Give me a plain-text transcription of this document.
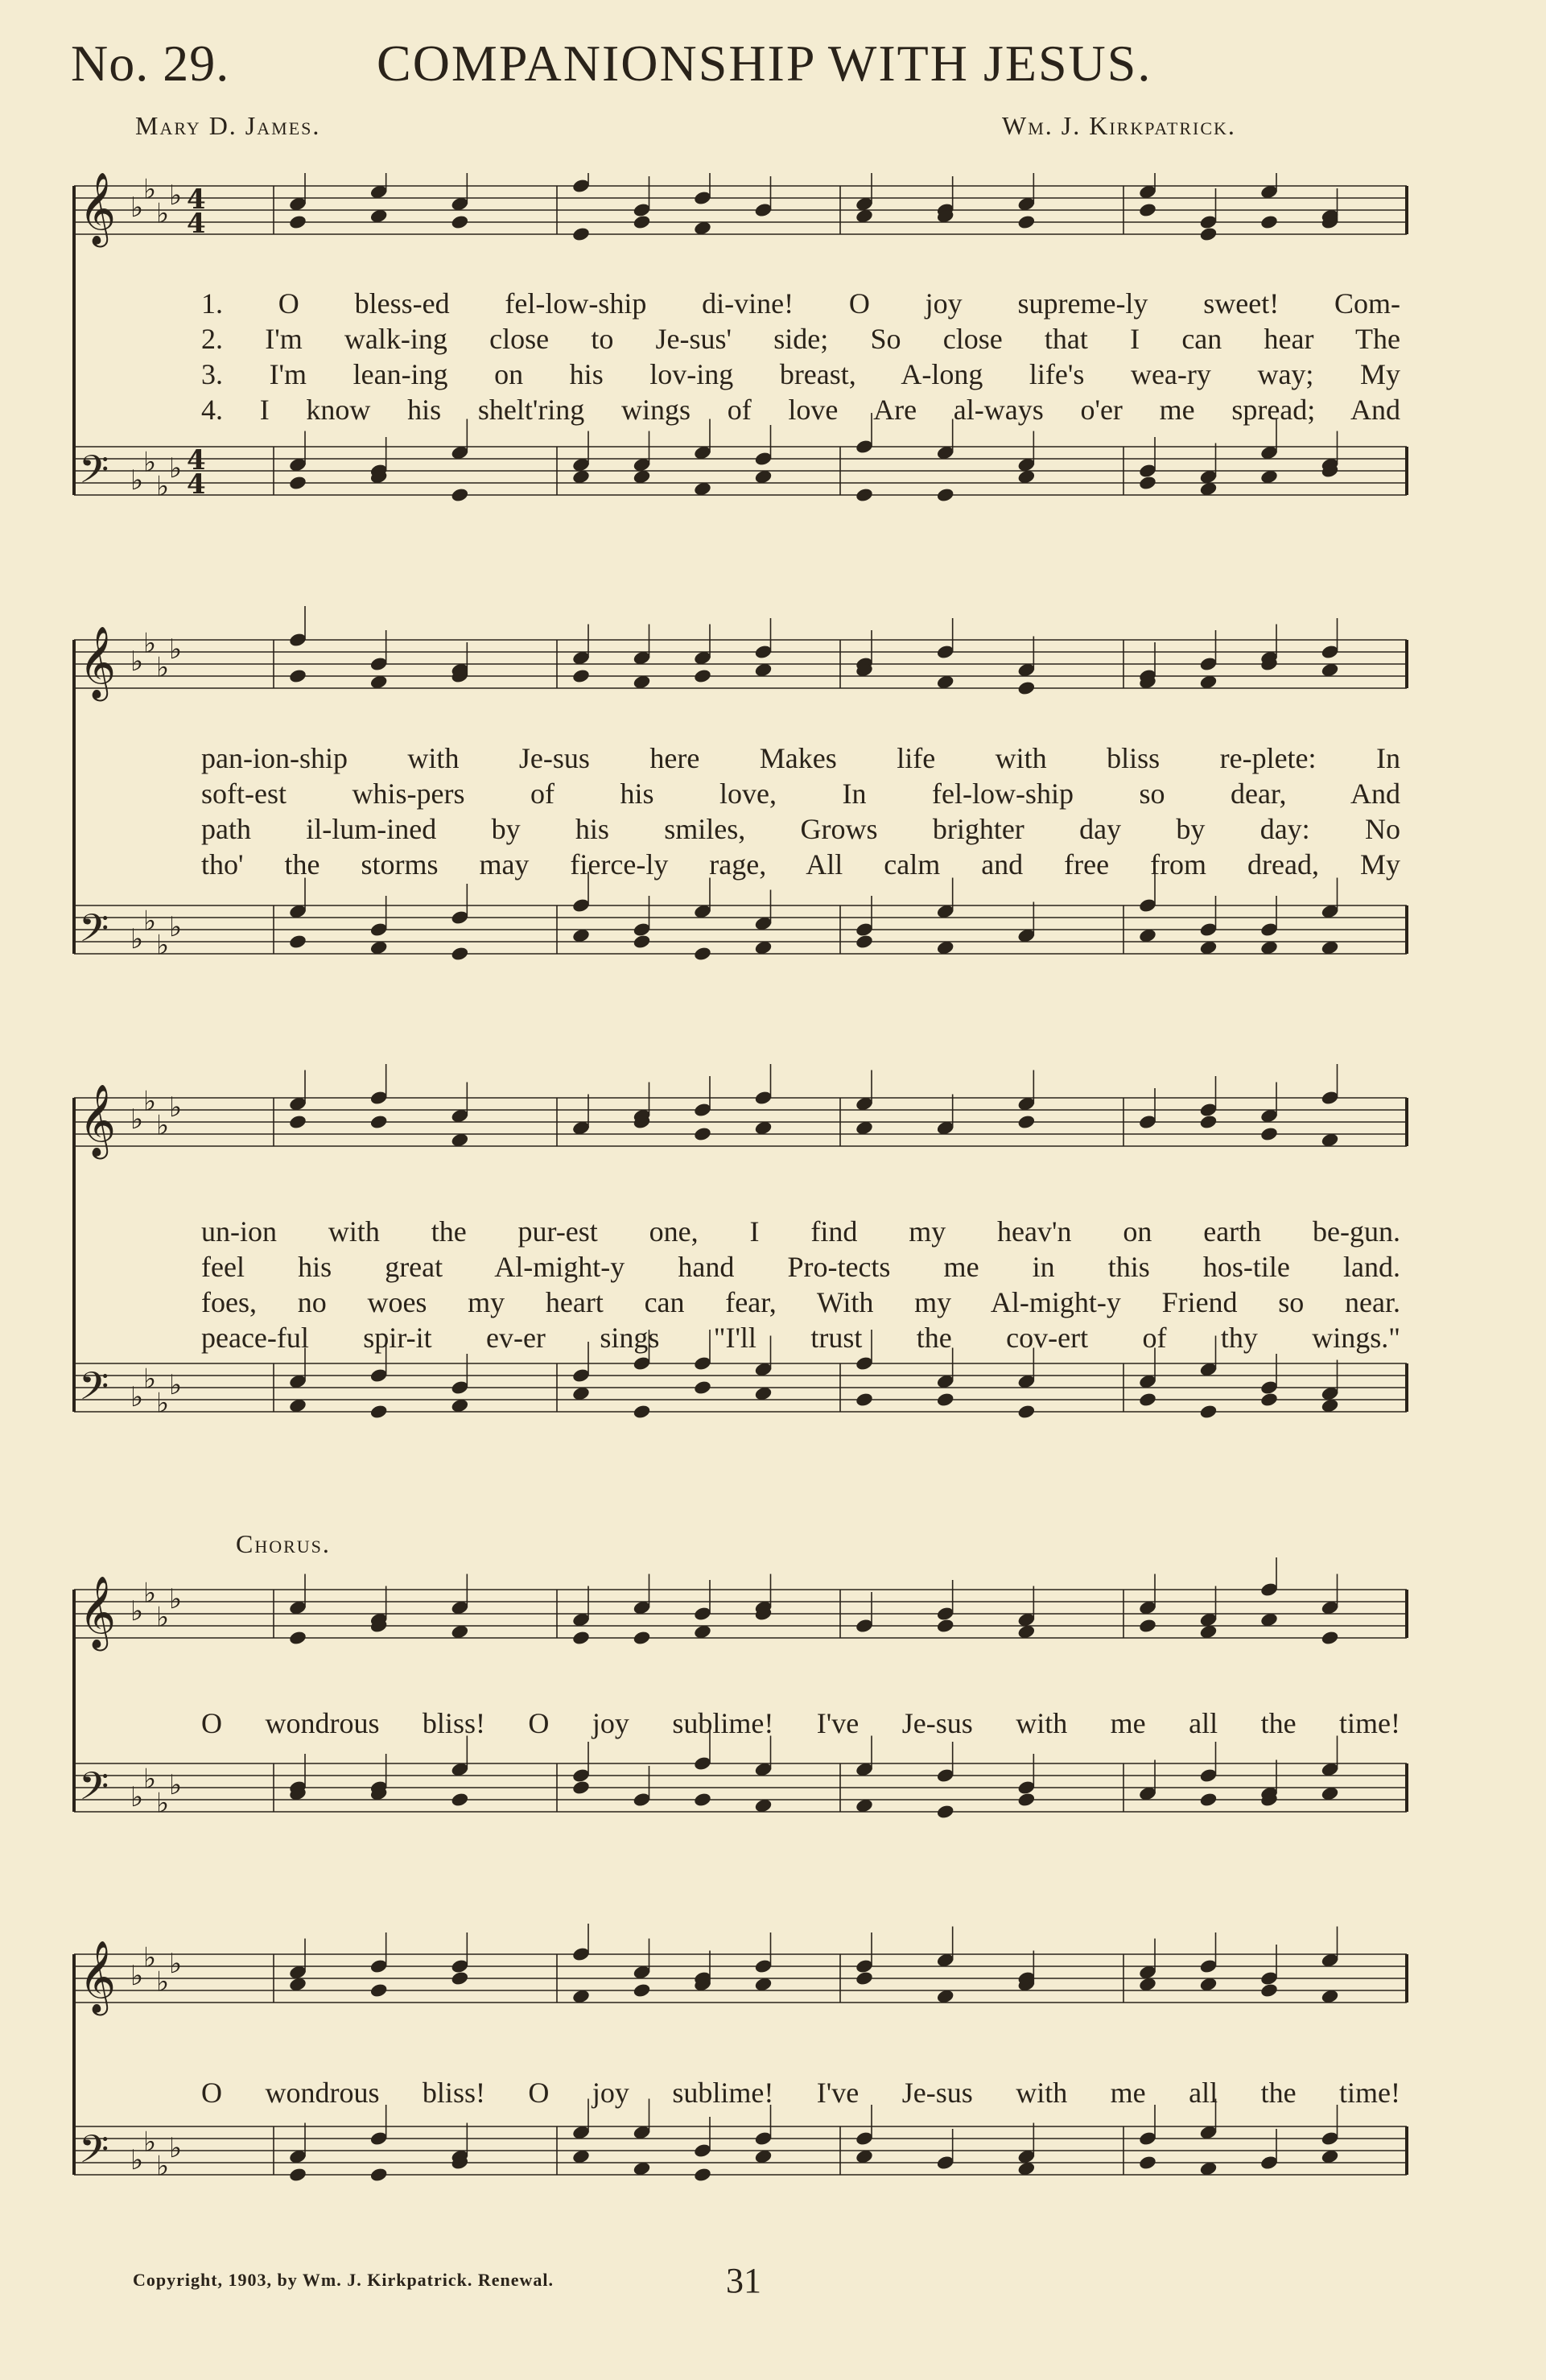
No. 29.	COMPANIONSHIP WITH JESUS.
Mary D. James.	Wm. J. Kirkpatrick.
𝄞 ♭
♭
♭
♭ 4
4
𝄢 ♭
♭
♭
♭ 4
4
1. O bless-ed fel-low-ship di-vine! O joy supreme-ly sweet! Com-
2. I'm walk-ing close to Je-sus' side; So close that I can hear The
3. I'm lean-ing on his lov-ing breast, A-long life's wea-ry way; My
4. I know his shelt'ring wings of love Are al-ways o'er me spread; And
𝄞 ♭
♭
♭
♭
𝄢 ♭
♭
♭
♭
pan-ion-ship with Je-sus here Makes life with bliss re-plete: In
soft-est whis-pers of his love, In fel-low-ship so dear, And
path il-lum-ined by his smiles, Grows brighter day by day: No
tho' the storms may fierce-ly rage, All calm and free from dread, My
𝄞 ♭
♭
♭
♭
𝄢 ♭
♭
♭
♭
un-ion with the pur-est one, I find my heav'n on earth be-gun.
feel his great Al-might-y hand Pro-tects me in this hos-tile land.
foes, no woes my heart can fear, With my Al-might-y Friend so near.
peace-ful spir-it ev-er sings "I'll trust the cov-ert of thy wings."
Chorus.
𝄞 ♭
♭
♭
♭
𝄢 ♭
♭
♭
♭
O wondrous bliss! O joy sublime! I've Je-sus with me all the time!
𝄞 ♭
♭
♭
♭
𝄢 ♭
♭
♭
♭
O wondrous bliss! O joy sublime! I've Je-sus with me all the time!
Copyright, 1903, by Wm. J. Kirkpatrick. Renewal.	31
